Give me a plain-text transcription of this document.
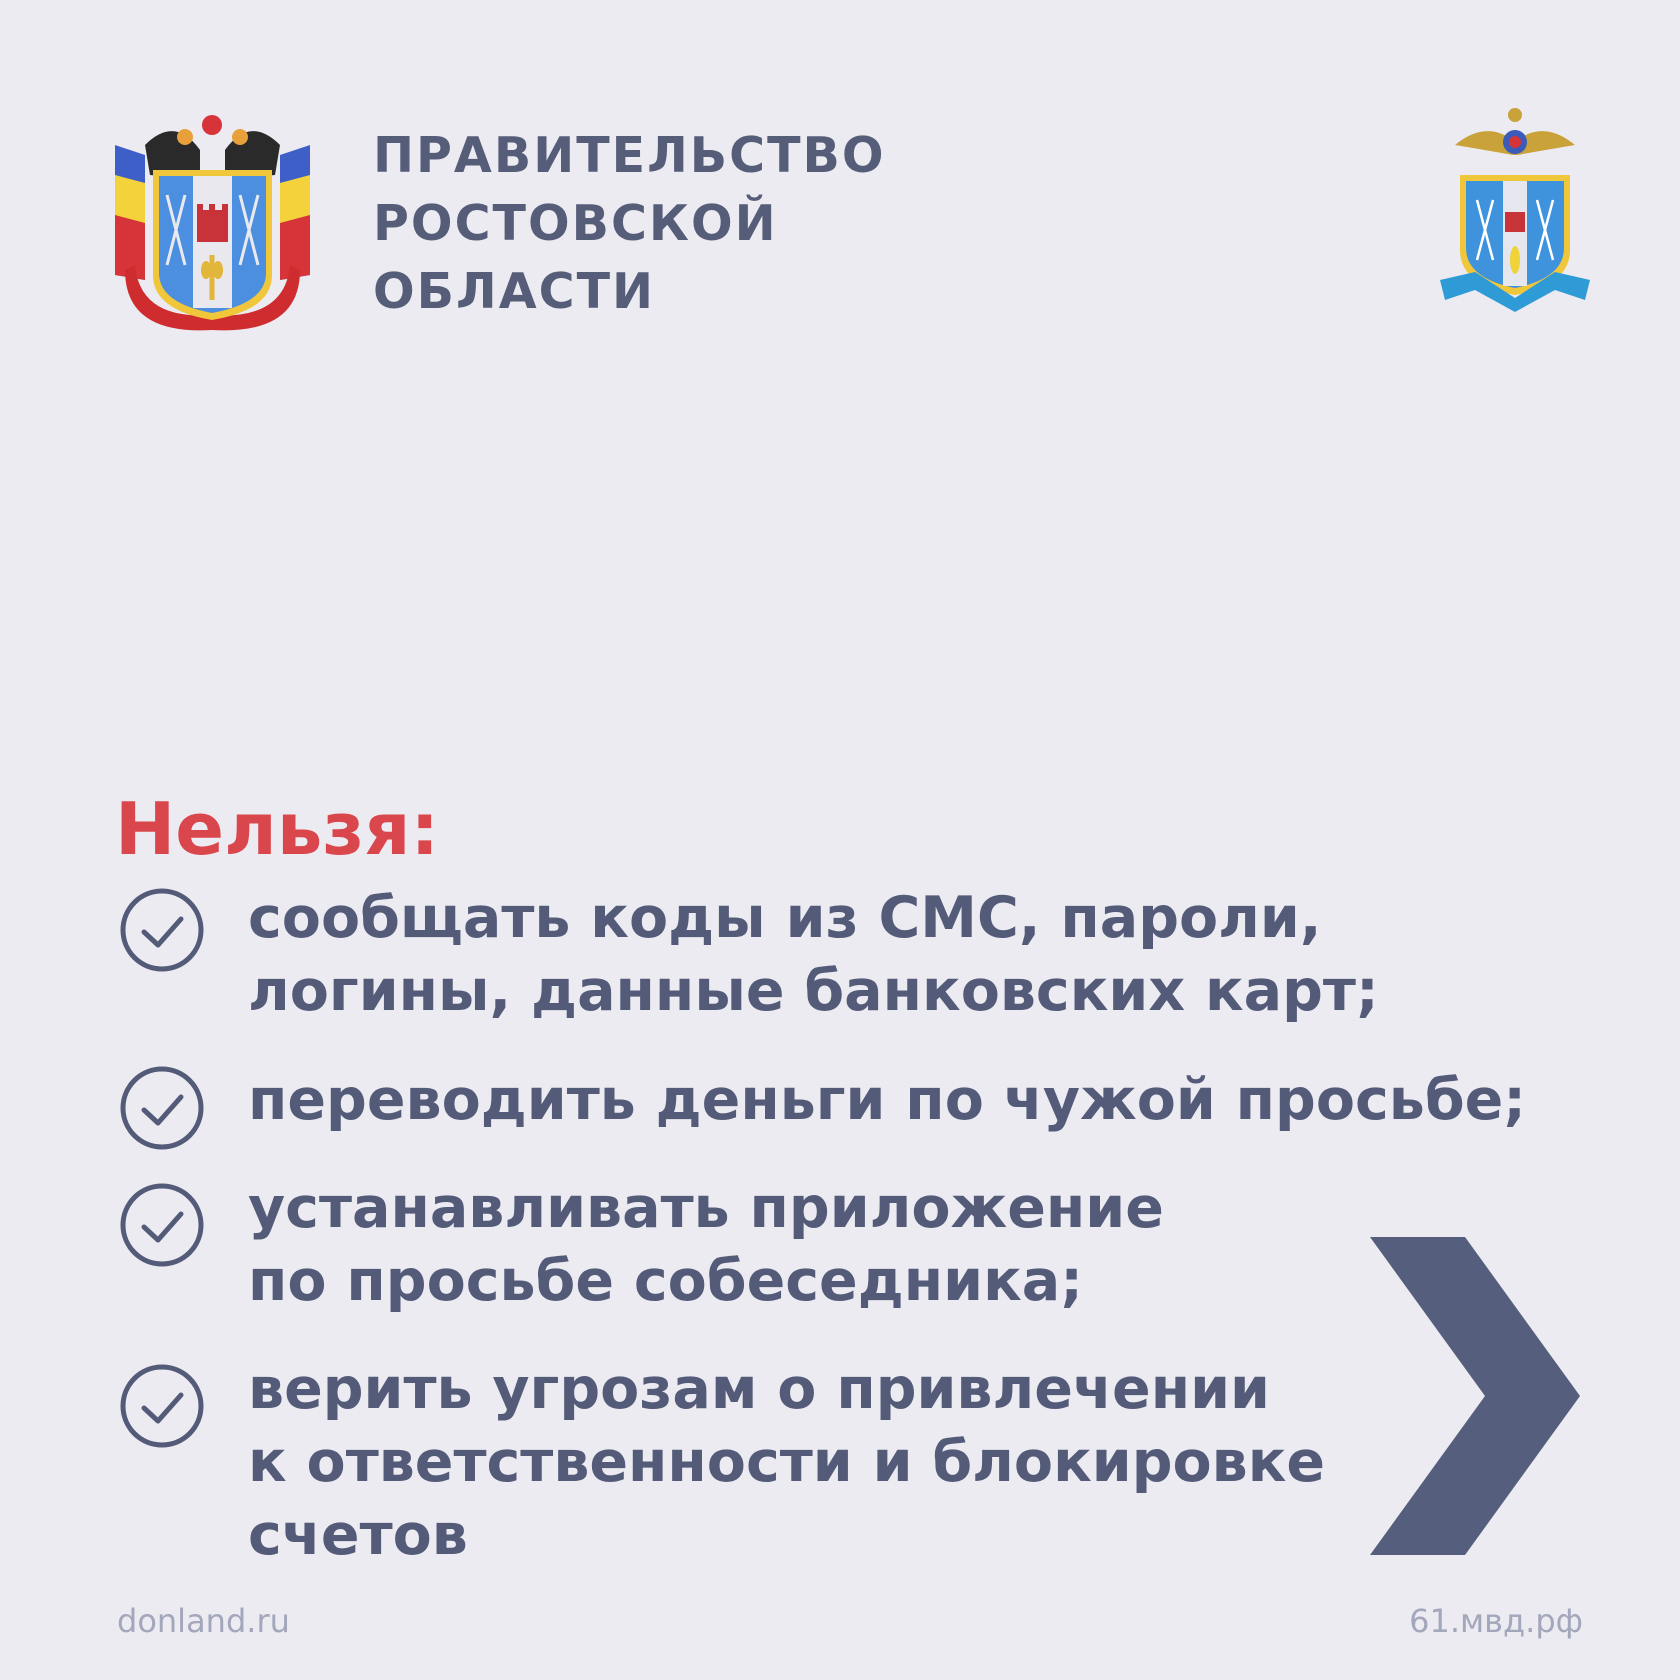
ПРАВИТЕЛЬСТВО
РОСТОВСКОЙ
ОБЛАСТИ
Нельзя:
сообщать коды из СМС, пароли,
логины, данные банковских карт;
переводить деньги по чужой просьбе;
устанавливать приложение
по просьбе собеседника;
верить угрозам о привлечении
к ответственности и блокировке
счетов
donland.ru	61.мвд.рф
